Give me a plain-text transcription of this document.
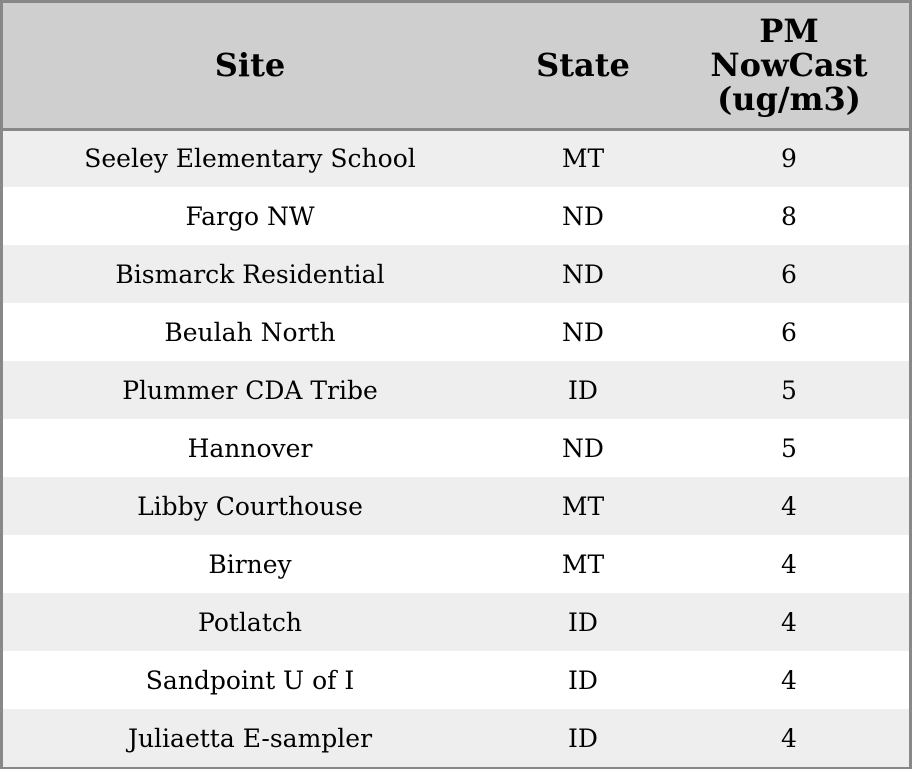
Site	State	PM
NowCast
(ug/m3)

Seeley Elementary School	MT	9
Fargo NW	ND	8
Bismarck Residential	ND	6
Beulah North	ND	6
Plummer CDA Tribe	ID	5
Hannover	ND	5
Libby Courthouse	MT	4
Birney	MT	4
Potlatch	ID	4
Sandpoint U of I	ID	4
Juliaetta E-sampler	ID	4
